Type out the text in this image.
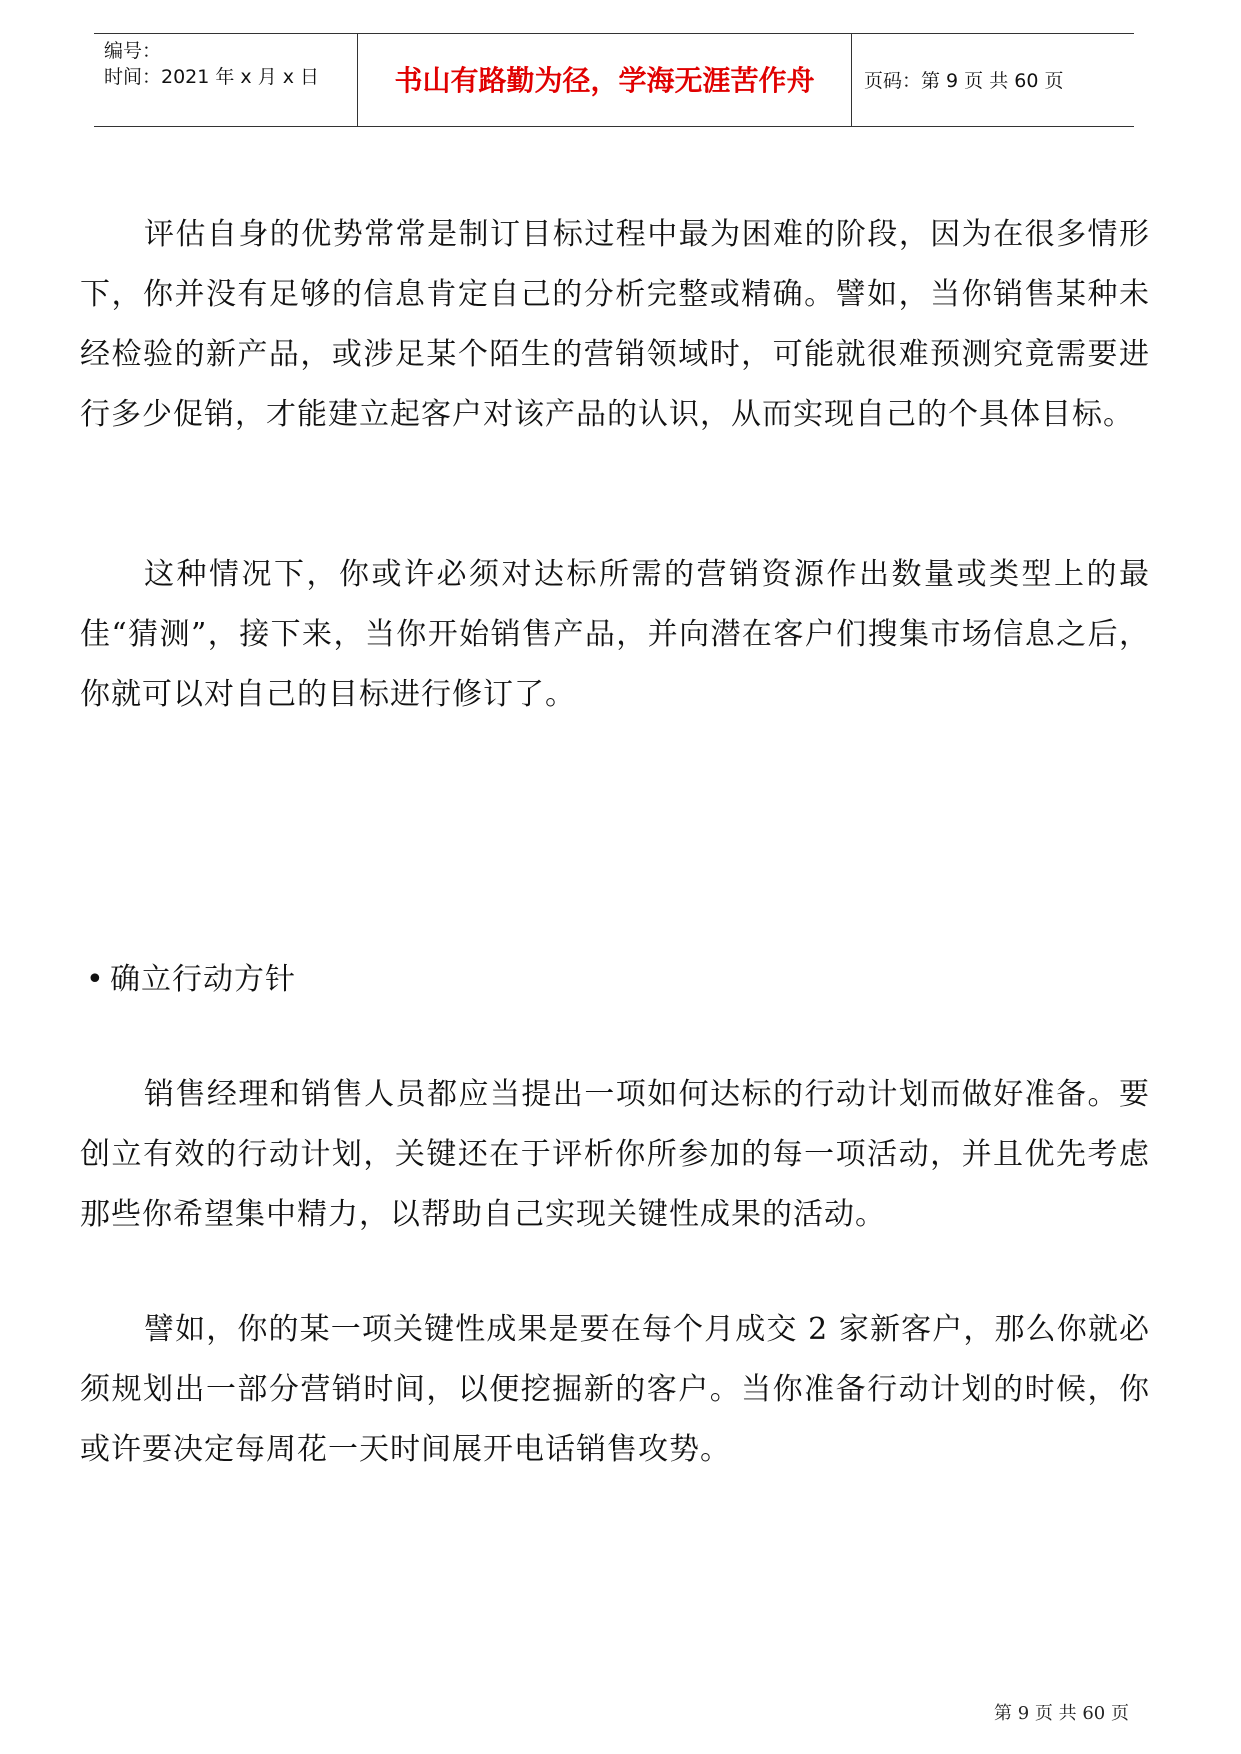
编号：
时间：2021 年 x 月 x 日	书山有路勤为径，学海无涯苦作舟	页码：第 9 页 共 60 页

评估自身的优势常常是制订目标过程中最为困难的阶段，因为在很多情形下，你并没有足够的信息肯定自己的分析完整或精确。譬如，当你销售某种未经检验的新产品，或涉足某个陌生的营销领域时，可能就很难预测究竟需要进行多少促销，才能建立起客户对该产品的认识，从而实现自己的个具体目标。

这种情况下，你或许必须对达标所需的营销资源作出数量或类型上的最佳“猜测”，接下来，当你开始销售产品，并向潜在客户们搜集市场信息之后，你就可以对自己的目标进行修订了。

• 确立行动方针

销售经理和销售人员都应当提出一项如何达标的行动计划而做好准备。要创立有效的行动计划，关键还在于评析你所参加的每一项活动，并且优先考虑那些你希望集中精力，以帮助自己实现关键性成果的活动。

譬如，你的某一项关键性成果是要在每个月成交 2 家新客户，那么你就必须规划出一部分营销时间，以便挖掘新的客户。当你准备行动计划的时候，你或许要决定每周花一天时间展开电话销售攻势。

第 9 页 共 60 页
